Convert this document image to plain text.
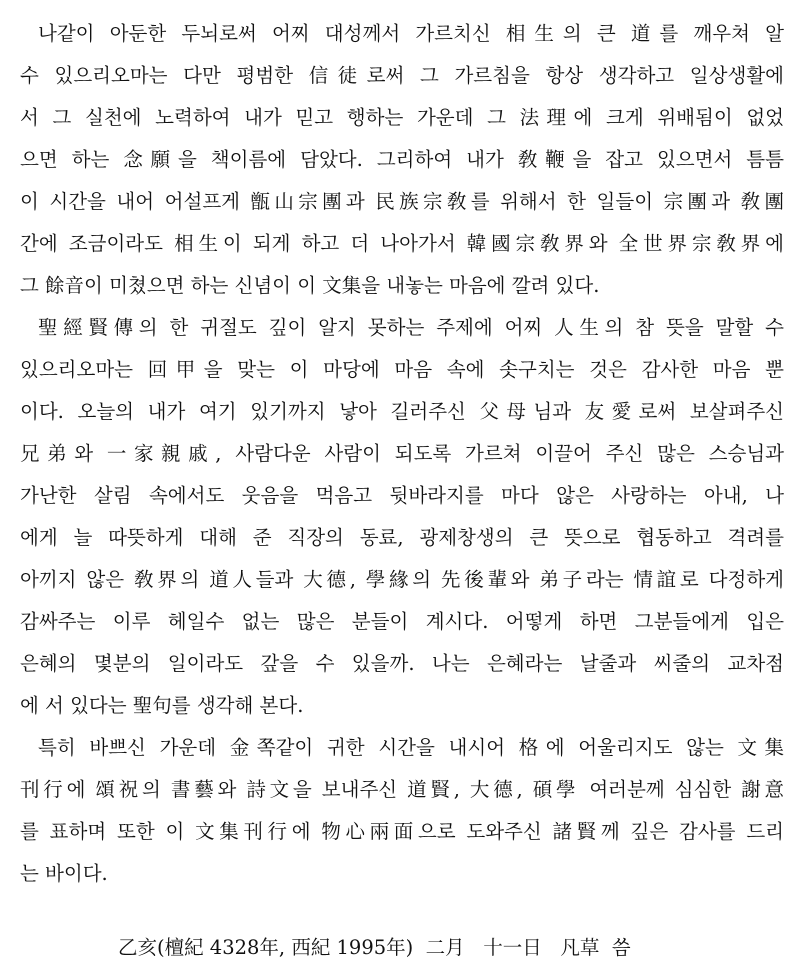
나같이 아둔한 두뇌로써 어찌 대성께서 가르치신 相生의 큰 道를 깨우쳐 알
수 있으리오마는 다만 평범한 信徒로써 그 가르침을 항상 생각하고 일상생활에
서 그 실천에 노력하여 내가 믿고 행하는 가운데 그 法理에 크게 위배됨이 없었
으면 하는 念願을 책이름에 담았다. 그리하여 내가 敎鞭을 잡고 있으면서 틈틈
이 시간을 내어 어설프게 甑山宗團과 民族宗敎를 위해서 한 일들이 宗團과 敎團
간에 조금이라도 相生이 되게 하고 더 나아가서 韓國宗敎界와 全世界宗敎界에
그 餘音이 미쳤으면 하는 신념이 이 文集을 내놓는 마음에 깔려 있다.
聖經賢傳의 한 귀절도 깊이 알지 못하는 주제에 어찌 人生의 참 뜻을 말할 수
있으리오마는 回甲을 맞는 이 마당에 마음 속에 솟구치는 것은 감사한 마음 뿐
이다. 오늘의 내가 여기 있기까지 낳아 길러주신 父母님과 友愛로써 보살펴주신
兄弟와 一家親戚, 사람다운 사람이 되도록 가르쳐 이끌어 주신 많은 스승님과
가난한 살림 속에서도 웃음을 먹음고 뒷바라지를 마다 않은 사랑하는 아내, 나
에게 늘 따뜻하게 대해 준 직장의 동료, 광제창생의 큰 뜻으로 협동하고 격려를
아끼지 않은 敎界의 道人들과 大德, 學緣의 先後輩와 弟子라는 情誼로 다정하게
감싸주는 이루 헤일수 없는 많은 분들이 계시다. 어떻게 하면 그분들에게 입은
은혜의 몇분의 일이라도 갚을 수 있을까. 나는 은혜라는 날줄과 씨줄의 교차점
에 서 있다는 聖句를 생각해 본다.
특히 바쁘신 가운데 金쪽같이 귀한 시간을 내시어 格에 어울리지도 않는 文集
刊行에 頌祝의 書藝와 詩文을 보내주신 道賢, 大德, 碩學 여러분께 심심한 謝意
를 표하며 또한 이 文集刊行에 物心兩面으로 도와주신 諸賢께 깊은 감사를 드리
는 바이다.
乙亥(檀紀 4328年, 西紀 1995年)  二月   十一日   凡草  씀
